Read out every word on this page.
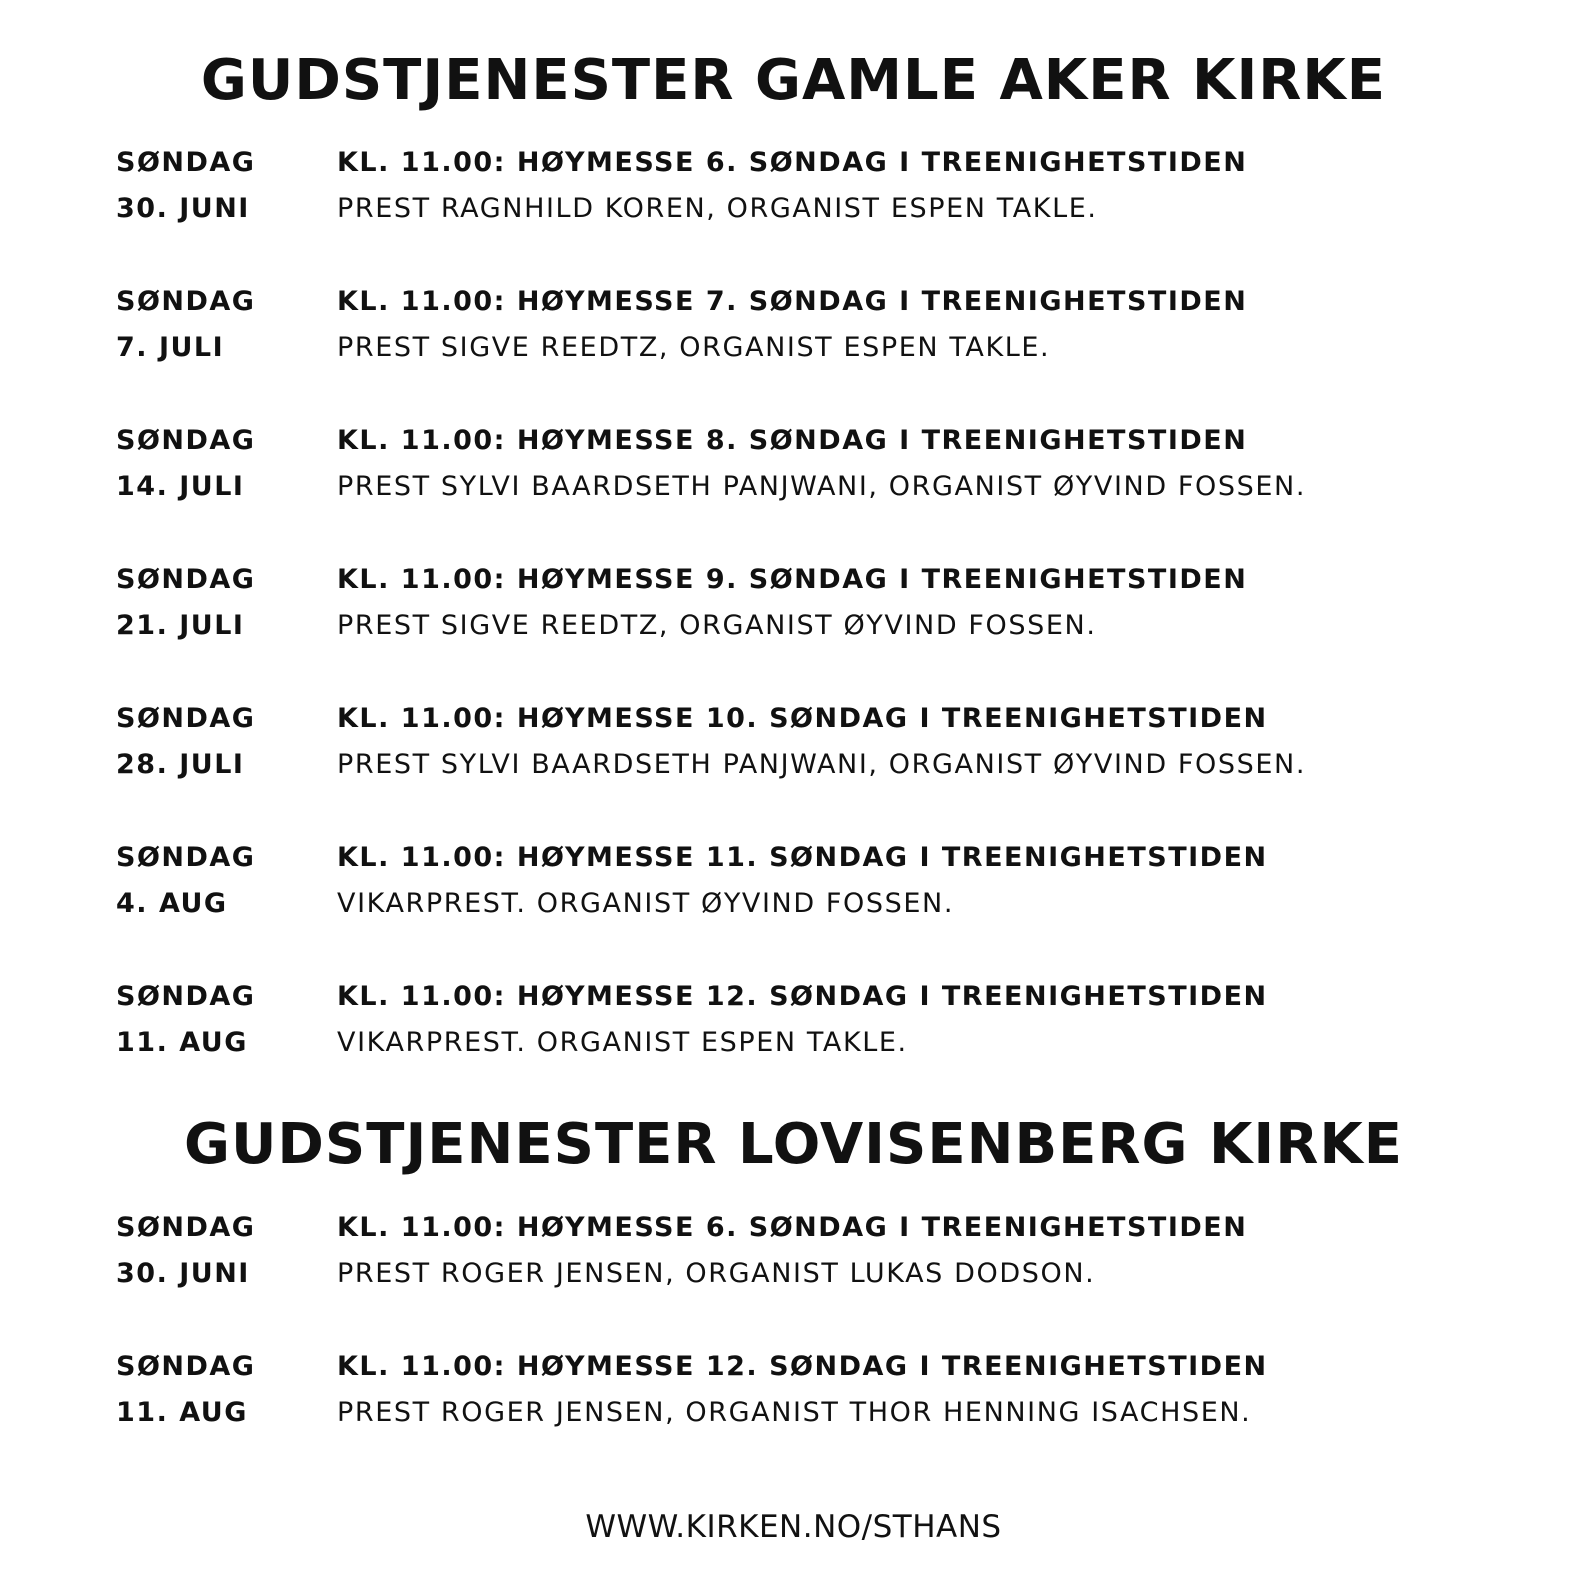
GUDSTJENESTER GAMLE AKER KIRKE
SØNDAG
30. JUNI
KL. 11.00: HØYMESSE 6. SØNDAG I TREENIGHETSTIDEN
PREST RAGNHILD KOREN, ORGANIST ESPEN TAKLE.
SØNDAG
7. JULI
KL. 11.00: HØYMESSE 7. SØNDAG I TREENIGHETSTIDEN
PREST SIGVE REEDTZ, ORGANIST ESPEN TAKLE.
SØNDAG
14. JULI
KL. 11.00: HØYMESSE 8. SØNDAG I TREENIGHETSTIDEN
PREST SYLVI BAARDSETH PANJWANI, ORGANIST ØYVIND FOSSEN.
SØNDAG
21. JULI
KL. 11.00: HØYMESSE 9. SØNDAG I TREENIGHETSTIDEN
PREST SIGVE REEDTZ, ORGANIST ØYVIND FOSSEN.
SØNDAG
28. JULI
KL. 11.00: HØYMESSE 10. SØNDAG I TREENIGHETSTIDEN
PREST SYLVI BAARDSETH PANJWANI, ORGANIST ØYVIND FOSSEN.
SØNDAG
4. AUG
KL. 11.00: HØYMESSE 11. SØNDAG I TREENIGHETSTIDEN
VIKARPREST. ORGANIST ØYVIND FOSSEN.
SØNDAG
11. AUG
KL. 11.00: HØYMESSE 12. SØNDAG I TREENIGHETSTIDEN
VIKARPREST. ORGANIST ESPEN TAKLE.
GUDSTJENESTER LOVISENBERG KIRKE
SØNDAG
30. JUNI
KL. 11.00: HØYMESSE 6. SØNDAG I TREENIGHETSTIDEN
PREST ROGER JENSEN, ORGANIST LUKAS DODSON.
SØNDAG
11. AUG
KL. 11.00: HØYMESSE 12. SØNDAG I TREENIGHETSTIDEN
PREST ROGER JENSEN, ORGANIST THOR HENNING ISACHSEN.
WWW.KIRKEN.NO/STHANS
